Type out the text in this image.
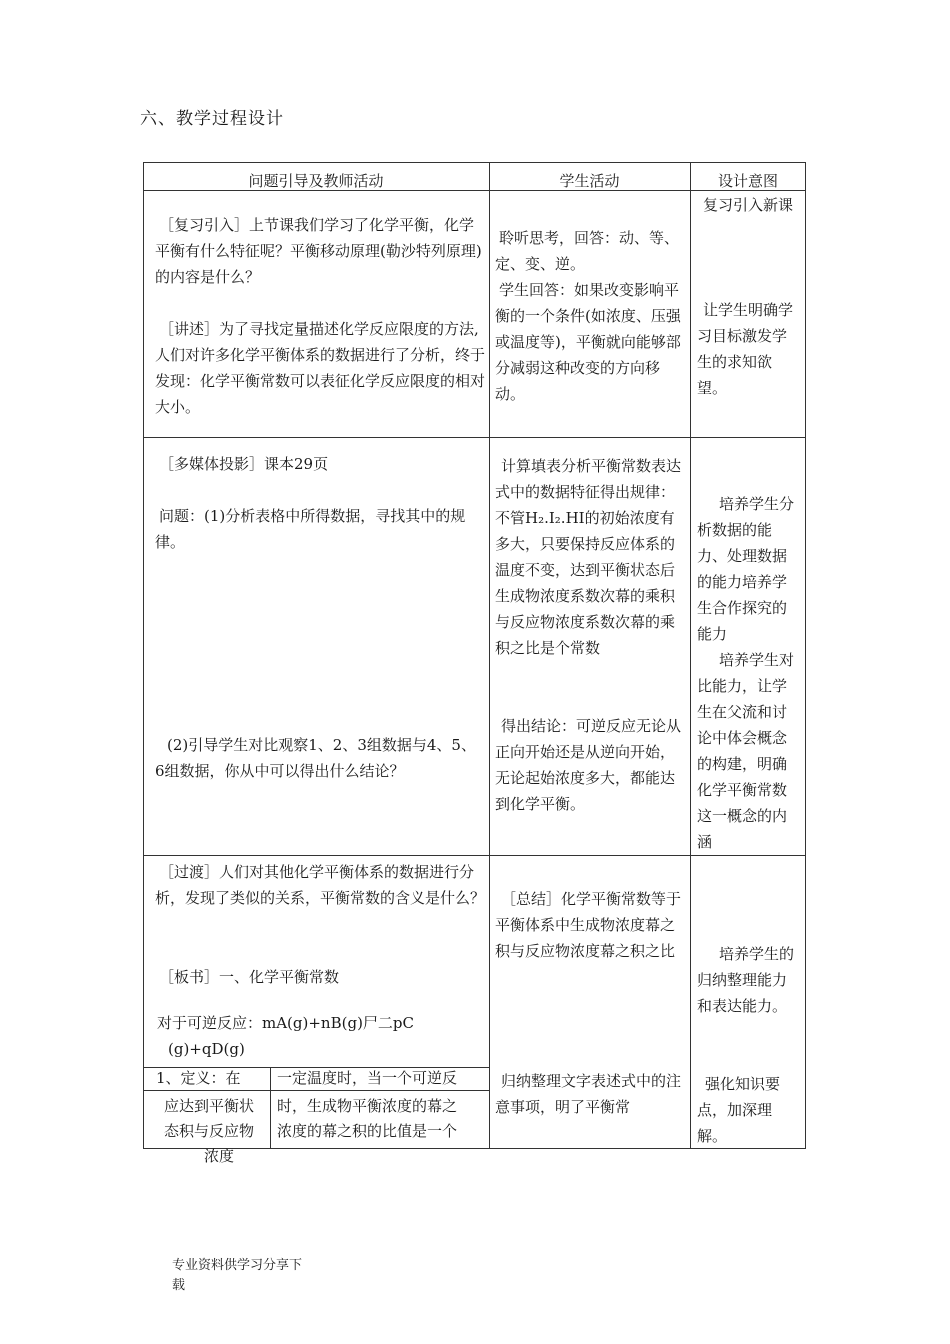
六、教学过程设计
问题引导及教师活动	学生活动	设计意图
［复习引入］上节课我们学习了化学平衡，化学平衡有什么特征呢？平衡移动原理(勒沙特列原理)的内容是什么？
［讲述］为了寻找定量描述化学反应限度的方法,人们对许多化学平衡体系的数据进行了分析，终于发现：化学平衡常数可以表征化学反应限度的相对大小。
聆听思考，回答：动、等、定、变、逆。
学生回答：如果改变影响平衡的一个条件(如浓度、压强或温度等)，平衡就向能够部分减弱这种改变的方向移动。
复习引入新课
让学生明确学习目标激发学生的求知欲望。
［多媒体投影］课本29页
问题：(1)分析表格中所得数据，寻找其中的规律。
(2)引导学生对比观察1、2、3组数据与4、5、6组数据，你从中可以得出什么结论？
计算填表分析平衡常数表达式中的数据特征得出规律：不管H₂.I₂.HI的初始浓度有多大，只要保持反应体系的温度不变，达到平衡状态后生成物浓度系数次幕的乘积与反应物浓度系数次幕的乘积之比是个常数
得出结论：可逆反应无论从正向开始还是从逆向开始，无论起始浓度多大，都能达到化学平衡。
培养学生分析数据的能力、处理数据的能力培养学生合作探究的能力
培养学生对比能力，让学生在父流和讨论中体会概念的构建，明确化学平衡常数这一概念的内涵
［过渡］人们对其他化学平衡体系的数据进行分析，发现了类似的关系，平衡常数的含义是什么？
［板书］一、化学平衡常数
对于可逆反应：mA(g)+nB(g)尸二pC
(g)+qD(g)
1、定义：在
应达到平衡状
态积与反应物
浓度
一定温度时，当一个可逆反
时，生成物平衡浓度的幕之
浓度的幕之积的比值是一个
［总结］化学平衡常数等于平衡体系中生成物浓度幕之积与反应物浓度幕之积之比
归纳整理文字表述式中的注意事项，明了平衡常
培养学生的归纳整理能力和表达能力。
强化知识要点，加深理解。
专业资料供学习分享下
载
